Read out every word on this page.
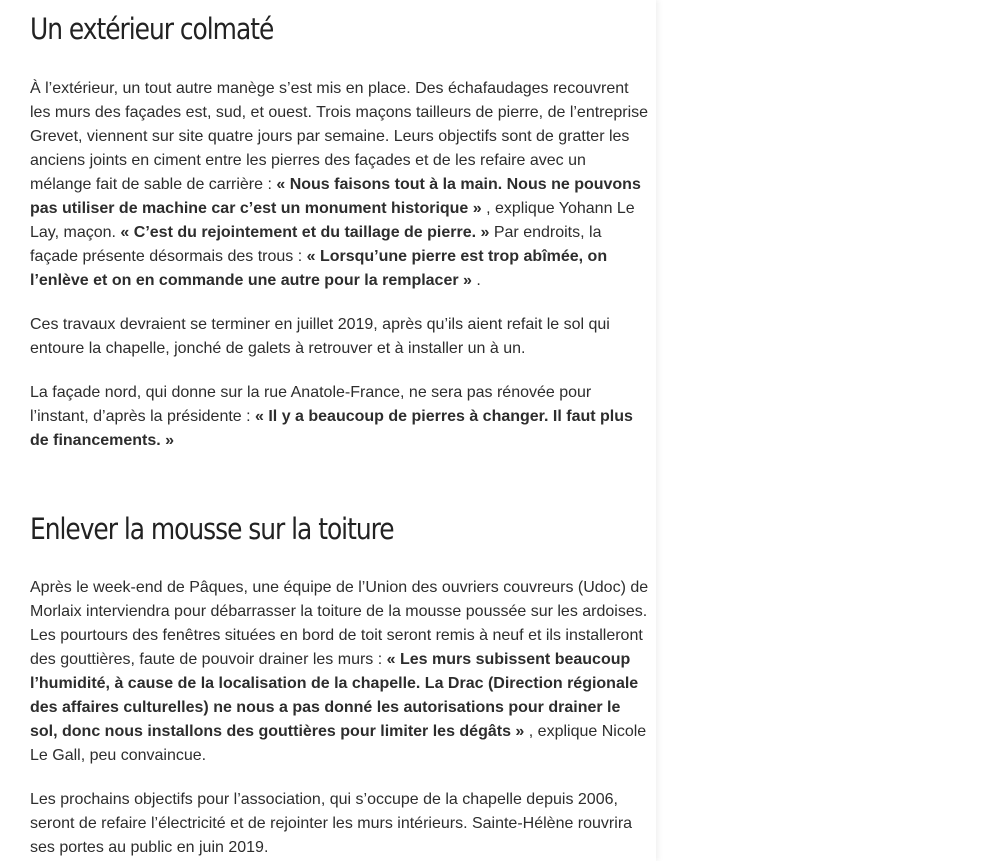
Un extérieur colmaté

À l’extérieur, un tout autre manège s’est mis en place. Des échafaudages recouvrent les murs des façades est, sud, et ouest. Trois maçons tailleurs de pierre, de l’entreprise Grevet, viennent sur site quatre jours par semaine. Leurs objectifs sont de gratter les anciens joints en ciment entre les pierres des façades et de les refaire avec un mélange fait de sable de carrière : « Nous faisons tout à la main. Nous ne pouvons pas utiliser de machine car c’est un monument historique » , explique Yohann Le Lay, maçon. « C’est du rejointement et du taillage de pierre. » Par endroits, la façade présente désormais des trous : « Lorsqu’une pierre est trop abîmée, on l’enlève et on en commande une autre pour la remplacer » .

Ces travaux devraient se terminer en juillet 2019, après qu’ils aient refait le sol qui entoure la chapelle, jonché de galets à retrouver et à installer un à un.

La façade nord, qui donne sur la rue Anatole-France, ne sera pas rénovée pour l’instant, d’après la présidente : « Il y a beaucoup de pierres à changer. Il faut plus de financements. »

Enlever la mousse sur la toiture

Après le week-end de Pâques, une équipe de l’Union des ouvriers couvreurs (Udoc) de Morlaix interviendra pour débarrasser la toiture de la mousse poussée sur les ardoises. Les pourtours des fenêtres situées en bord de toit seront remis à neuf et ils installeront des gouttières, faute de pouvoir drainer les murs : « Les murs subissent beaucoup l’humidité, à cause de la localisation de la chapelle. La Drac (Direction régionale des affaires culturelles) ne nous a pas donné les autorisations pour drainer le sol, donc nous installons des gouttières pour limiter les dégâts » , explique Nicole Le Gall, peu convaincue.

Les prochains objectifs pour l’association, qui s’occupe de la chapelle depuis 2006, seront de refaire l’électricité et de rejointer les murs intérieurs. Sainte-Hélène rouvrira ses portes au public en juin 2019.
